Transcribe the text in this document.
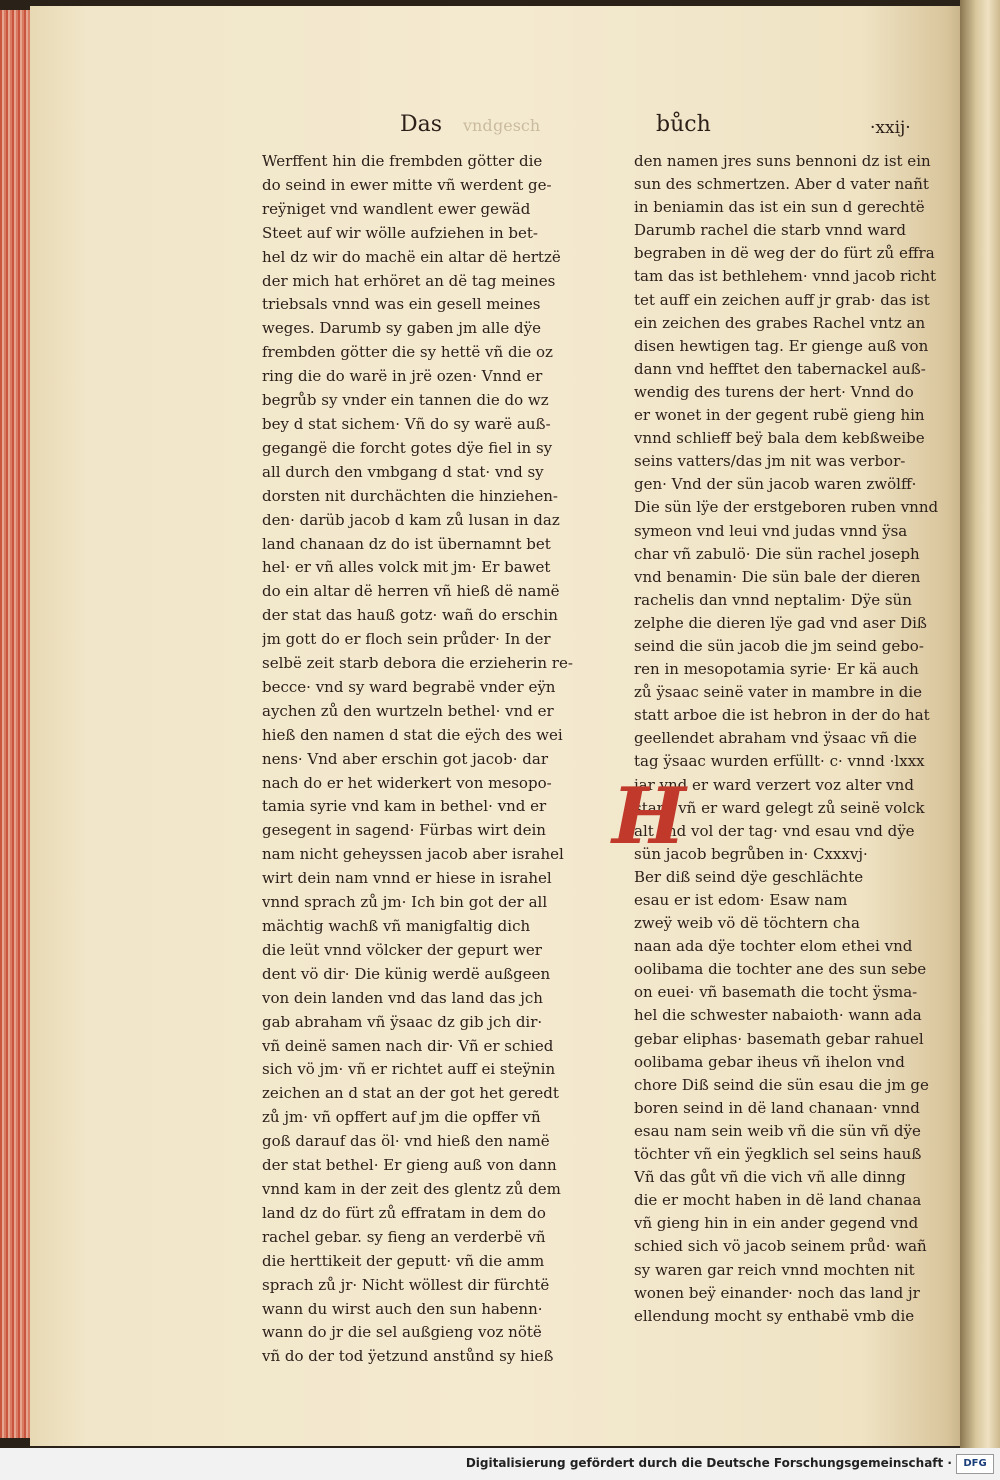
Das vnd gesch	bůch	·xxij·
Werffent hin die frembden götter die
do seind in ewer mitte vñ werdent ge-
reÿniget vnd wandlent ewer gewäd
Steet auf wir wölle aufziehen in bet-
hel dz wir do machë ein altar dë hertzë
der mich hat erhöret an dë tag meines
triebsals vnnd was ein gesell meines
weges. Darumb sy gaben jm alle dÿe
frembden götter die sy hettë vñ die oz
ring die do warë in jrë ozen· Vnnd er
begrůb sy vnder ein tannen die do wz
bey d stat sichem· Vñ do sy warë auß-
gegangë die forcht gotes dÿe fiel in sy
all durch den vmbgang d stat· vnd sy
dorsten nit durchächten die hinziehen-
den· darüb jacob d kam zů lusan in daz
land chanaan dz do ist übernamnt bet
hel· er vñ alles volck mit jm· Er bawet
do ein altar dë herren vñ hieß dë namë
der stat das hauß gotz· wañ do erschin
jm gott do er floch sein průder· In der
selbë zeit starb debora die erzieherin re-
becce· vnd sy ward begrabë vnder eÿn
aychen zů den wurtzeln bethel· vnd er
hieß den namen d stat die eÿch des wei
nens· Vnd aber erschin got jacob· dar
nach do er het widerkert von mesopo-
tamia syrie vnd kam in bethel· vnd er
gesegent in sagend· Fürbas wirt dein
nam nicht geheyssen jacob aber israhel
wirt dein nam vnnd er hiese in israhel
vnnd sprach zů jm· Ich bin got der all
mächtig wachß vñ manigfaltig dich
die leüt vnnd völcker der gepurt wer
dent vö dir· Die künig werdë außgeen
von dein landen vnd das land das jch
gab abraham vñ ÿsaac dz gib jch dir·
vñ deinë samen nach dir· Vñ er schied
sich vö jm· vñ er richtet auff ei steÿnin
zeichen an d stat an der got het geredt
zů jm· vñ opffert auf jm die opffer vñ
goß darauf das öl· vnd hieß den namë
der stat bethel· Er gieng auß von dann
vnnd kam in der zeit des glentz zů dem
land dz do fürt zů effratam in dem do
rachel gebar. sy fieng an verderbë vñ
die herttikeit der geputt· vñ die amm
sprach zů jr· Nicht wöllest dir fürchtë
wann du wirst auch den sun habenn·
wann do jr die sel außgieng voz nötë
vñ do der tod ÿetzund anstůnd sy hieß
den namen jres suns bennoni dz ist ein
sun des schmertzen. Aber d vater nañt
in beniamin das ist ein sun d gerechtë
Darumb rachel die starb vnnd ward
begraben in dë weg der do fürt zů effra
tam das ist bethlehem· vnnd jacob richt
tet auff ein zeichen auff jr grab· das ist
ein zeichen des grabes Rachel vntz an
disen hewtigen tag. Er gienge auß von
dann vnd hefftet den tabernackel auß-
wendig des turens der hert· Vnnd do
er wonet in der gegent rubë gieng hin
vnnd schlieff beÿ bala dem kebßweibe
seins vatters/das jm nit was verbor-
gen· Vnd der sün jacob waren zwölff·
Die sün lÿe der erstgeboren ruben vnnd
symeon vnd leui vnd judas vnnd ÿsa
char vñ zabulö· Die sün rachel joseph
vnd benamin· Die sün bale der dieren
rachelis dan vnnd neptalim· Dÿe sün
zelphe die dieren lÿe gad vnd aser Diß
seind die sün jacob die jm seind gebo-
ren in mesopotamia syrie· Er kä auch
zů ÿsaac seinë vater in mambre in die
statt arboe die ist hebron in der do hat
geellendet abraham vnd ÿsaac vñ die
tag ÿsaac wurden erfüllt· c· vnnd ·lxxx
jar vnd er ward verzert voz alter vnd
starb vñ er ward gelegt zů seinë volck
alt vnd vol der tag· vnd esau vnd dÿe
sün jacob begrůben in· Cxxxvj·
Ber diß seind dÿe geschlächte
esau er ist edom· Esaw nam
zweÿ weib vö dë töchtern cha
naan ada dÿe tochter elom ethei vnd
oolibama die tochter ane des sun sebe
on euei· vñ basemath die tocht ÿsma-
hel die schwester nabaioth· wann ada
gebar eliphas· basemath gebar rahuel
oolibama gebar iheus vñ ihelon vnd
chore Diß seind die sün esau die jm ge
boren seind in dë land chanaan· vnnd
esau nam sein weib vñ die sün vñ dÿe
töchter vñ ein ÿegklich sel seins hauß
Vñ das gůt vñ die vich vñ alle dinng
die er mocht haben in dë land chanaa
vñ gieng hin in ein ander gegend vnd
schied sich vö jacob seinem průd· wañ
sy waren gar reich vnnd mochten nit
wonen beÿ einander· noch das land jr
ellendung mocht sy enthabë vmb die
H
Digitalisierung gefördert durch die Deutsche Forschungsgemeinschaft ·	DFG
